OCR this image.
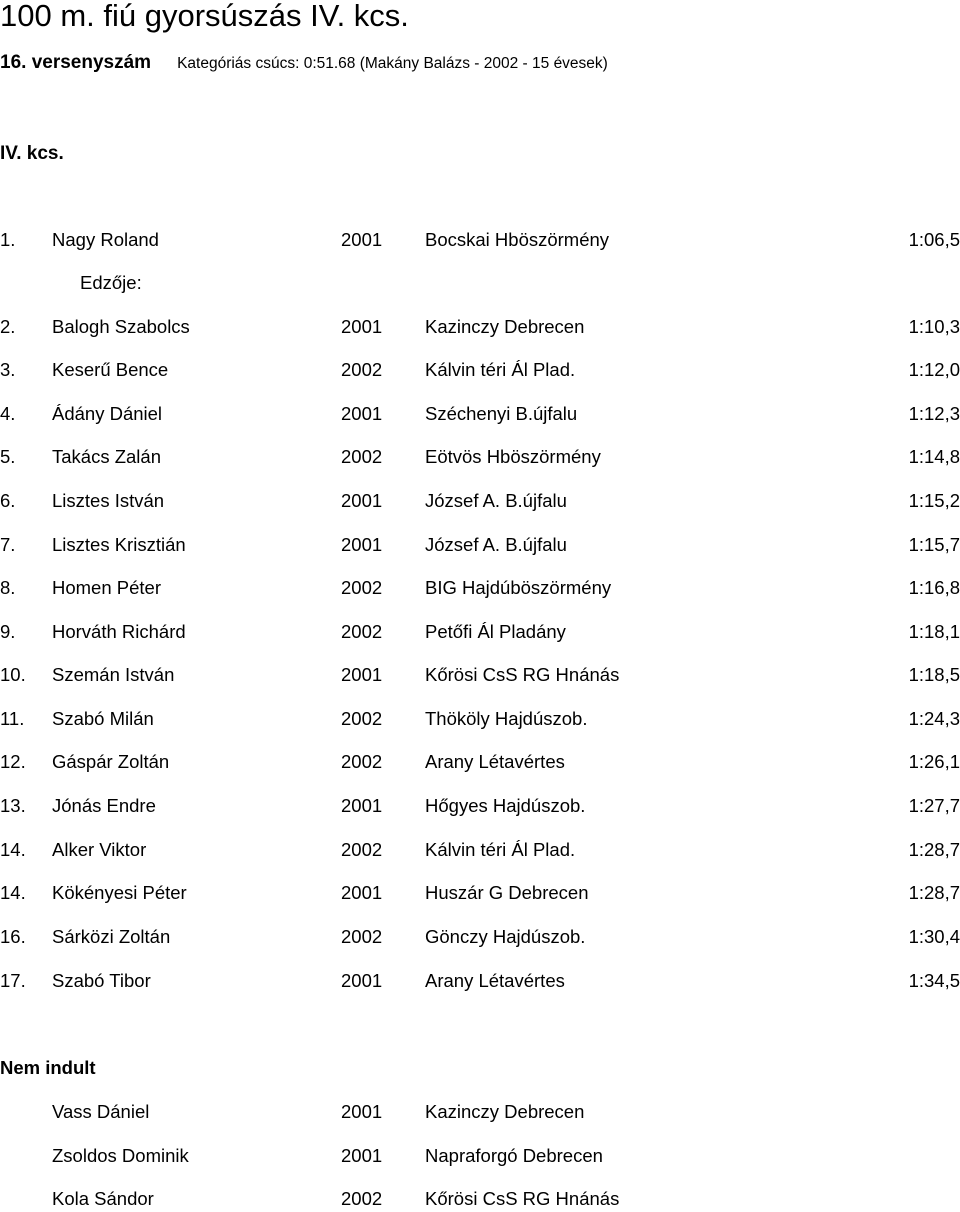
100 m. fiú gyorsúszás IV. kcs.
16. versenyszám Kategóriás csúcs: 0:51.68 (Makány Balázs - 2002 - 15 évesek)
IV. kcs.
Edzője:
1. Nagy Roland	2001 Bocskai Hböszörmény	1:06,5
2. Balogh Szabolcs	2001 Kazinczy Debrecen	1:10,3
3. Keserű Bence	2002 Kálvin téri Ál Plad.	1:12,0
4. Ádány Dániel	2001 Széchenyi B.újfalu	1:12,3
5. Takács Zalán	2002 Eötvös Hböszörmény	1:14,8
6. Lisztes István	2001 József A. B.újfalu	1:15,2
7. Lisztes Krisztián	2001 József A. B.újfalu	1:15,7
8. Homen Péter	2002 BIG Hajdúböszörmény	1:16,8
9. Horváth Richárd	2002 Petőfi Ál Pladány	1:18,1
10. Szemán István	2001 Kőrösi CsS RG Hnánás	1:18,5
11. Szabó Milán	2002 Thököly Hajdúszob.	1:24,3
12. Gáspár Zoltán	2002 Arany Létavértes	1:26,1
13. Jónás Endre	2001 Hőgyes Hajdúszob.	1:27,7
14. Alker Viktor	2002 Kálvin téri Ál Plad.	1:28,7
14. Kökényesi Péter	2001 Huszár G Debrecen	1:28,7
16. Sárközi Zoltán	2002 Gönczy Hajdúszob.	1:30,4
17. Szabó Tibor	2001 Arany Létavértes	1:34,5
Nem indult
Vass Dániel	2001 Kazinczy Debrecen
Zsoldos Dominik	2001 Napraforgó Debrecen
Kola Sándor	2002 Kőrösi CsS RG Hnánás
